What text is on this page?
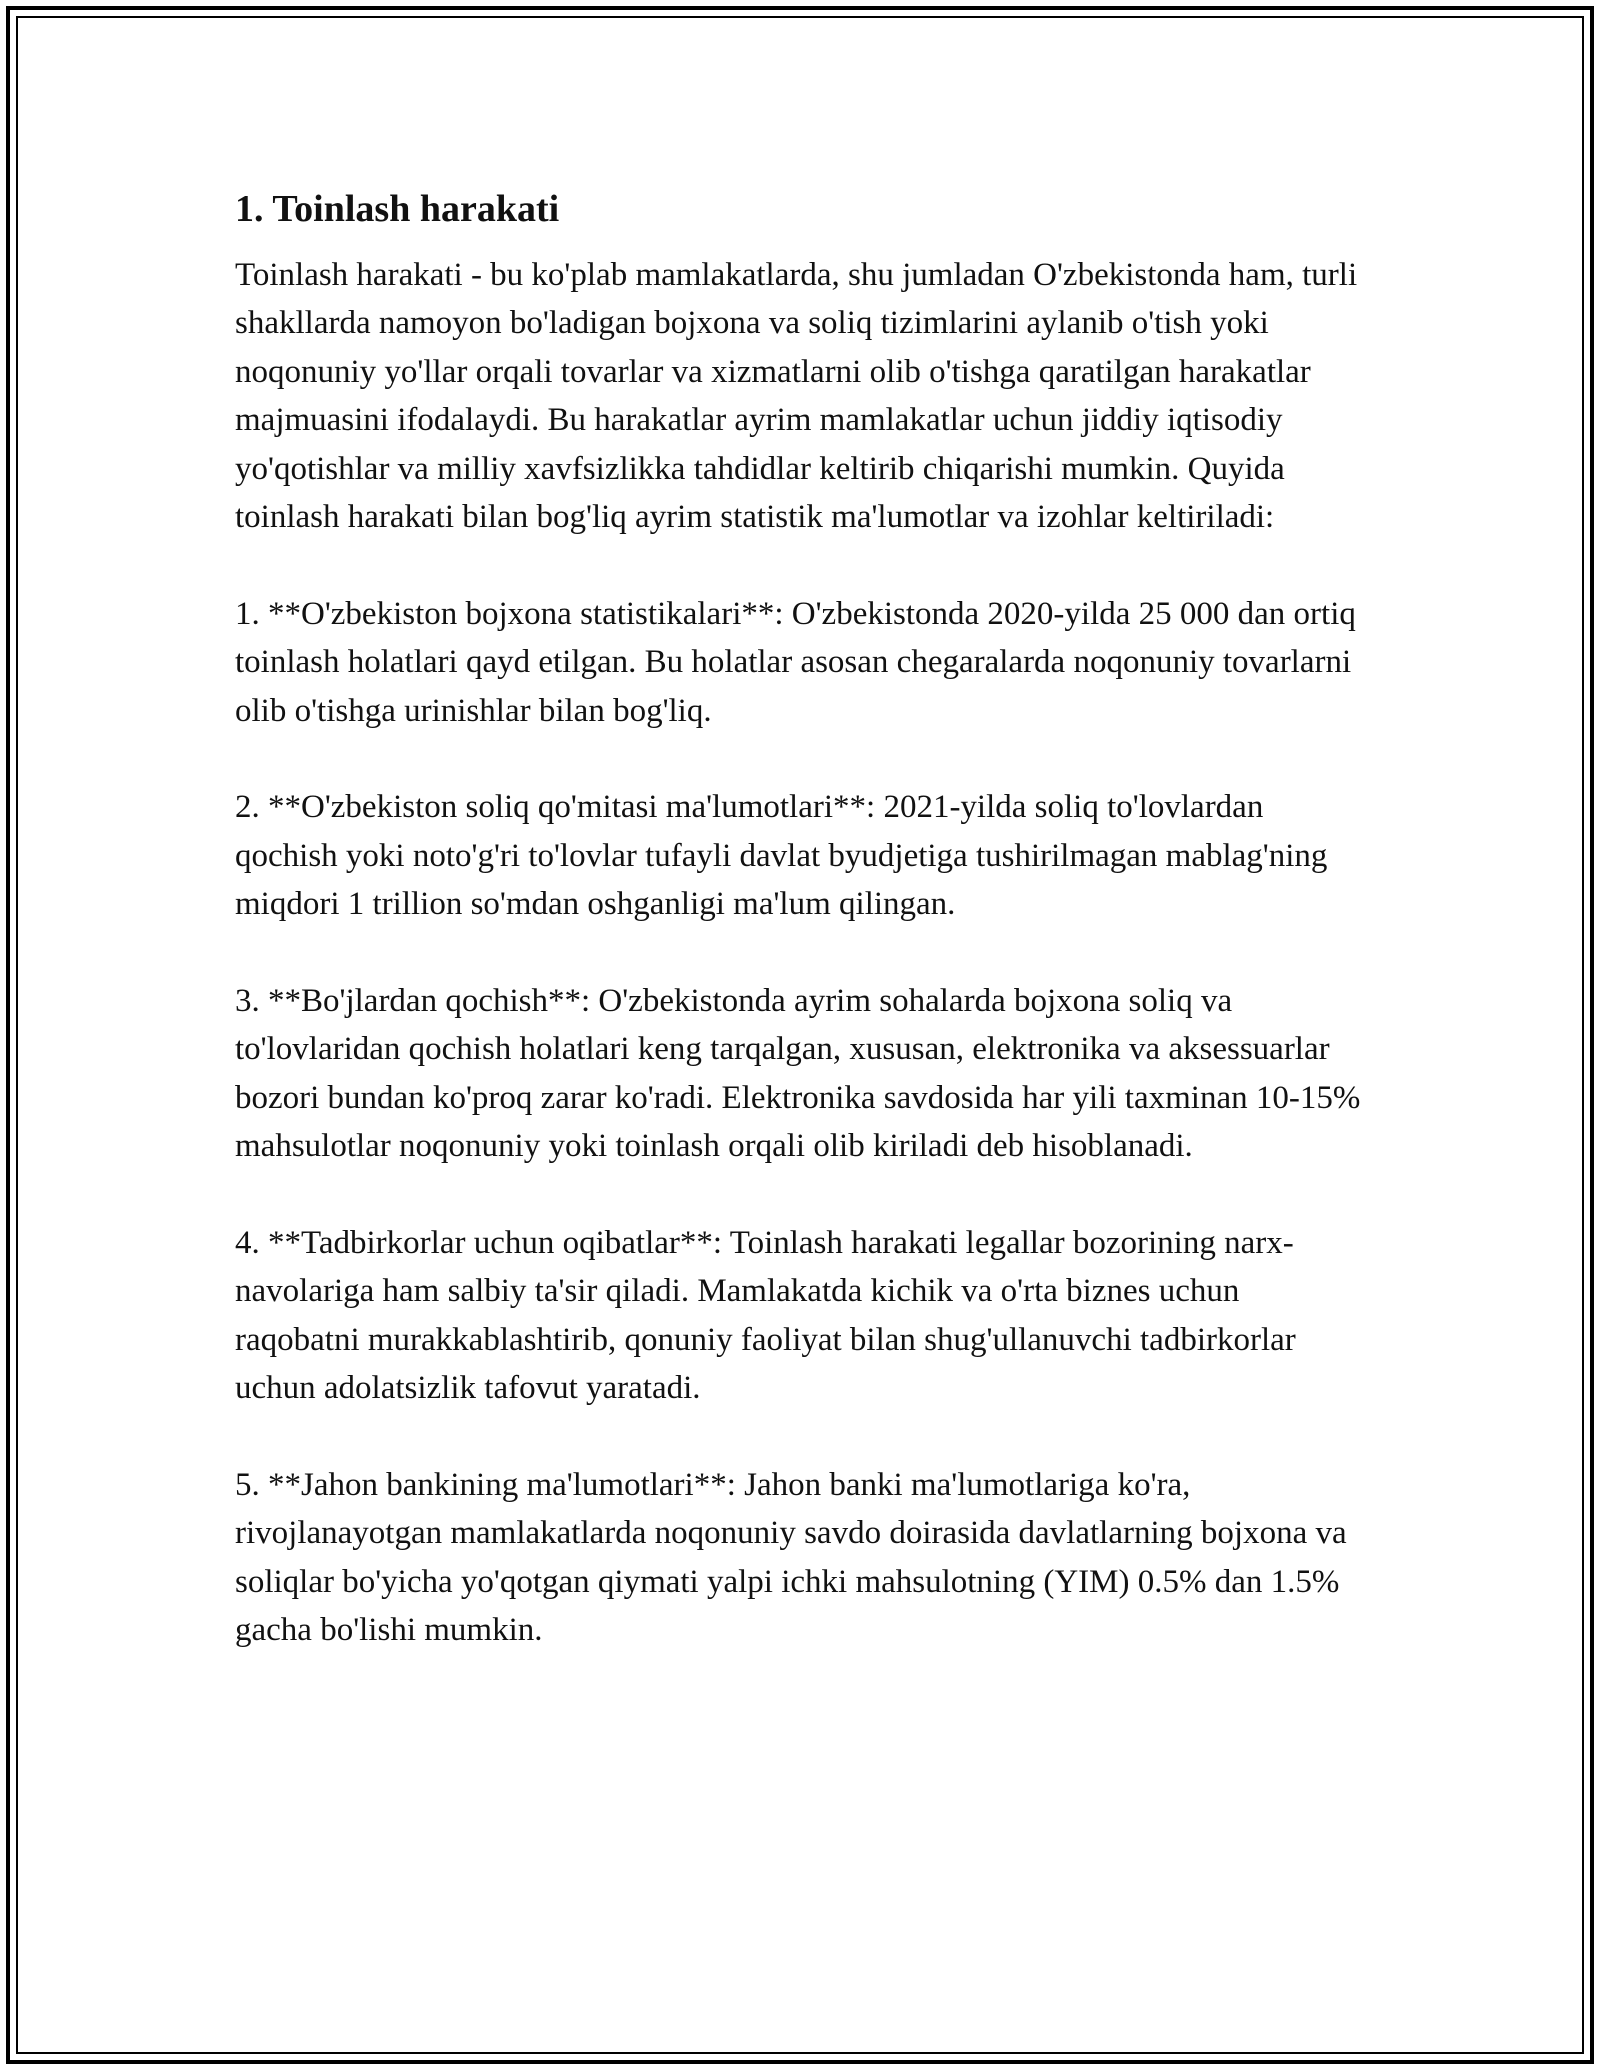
1. Toinlash harakati

Toinlash harakati - bu ko'plab mamlakatlarda, shu jumladan O'zbekistonda ham, turli shakllarda namoyon bo'ladigan bojxona va soliq tizimlarini aylanib o'tish yoki noqonuniy yo'llar orqali tovarlar va xizmatlarni olib o'tishga qaratilgan harakatlar majmuasini ifodalaydi. Bu harakatlar ayrim mamlakatlar uchun jiddiy iqtisodiy yo'qotishlar va milliy xavfsizlikka tahdidlar keltirib chiqarishi mumkin. Quyida toinlash harakati bilan bog'liq ayrim statistik ma'lumotlar va izohlar keltiriladi:

1. **O'zbekiston bojxona statistikalari**: O'zbekistonda 2020-yilda 25 000 dan ortiq toinlash holatlari qayd etilgan. Bu holatlar asosan chegaralarda noqonuniy tovarlarni olib o'tishga urinishlar bilan bog'liq.

2. **O'zbekiston soliq qo'mitasi ma'lumotlari**: 2021-yilda soliq to'lovlardan qochish yoki noto'g'ri to'lovlar tufayli davlat byudjetiga tushirilmagan mablag'ning miqdori 1 trillion so'mdan oshganligi ma'lum qilingan.

3. **Bo'jlardan qochish**: O'zbekistonda ayrim sohalarda bojxona soliq va to'lovlaridan qochish holatlari keng tarqalgan, xususan, elektronika va aksessuarlar bozori bundan ko'proq zarar ko'radi. Elektronika savdosida har yili taxminan 10-15% mahsulotlar noqonuniy yoki toinlash orqali olib kiriladi deb hisoblanadi.

4. **Tadbirkorlar uchun oqibatlar**: Toinlash harakati legallar bozorining narx-navolariga ham salbiy ta'sir qiladi. Mamlakatda kichik va o'rta biznes uchun raqobatni murakkablashtirib, qonuniy faoliyat bilan shug'ullanuvchi tadbirkorlar uchun adolatsizlik tafovut yaratadi.

5. **Jahon bankining ma'lumotlari**: Jahon banki ma'lumotlariga ko'ra, rivojlanayotgan mamlakatlarda noqonuniy savdo doirasida davlatlarning bojxona va soliqlar bo'yicha yo'qotgan qiymati yalpi ichki mahsulotning (YIM) 0.5% dan 1.5% gacha bo'lishi mumkin.
